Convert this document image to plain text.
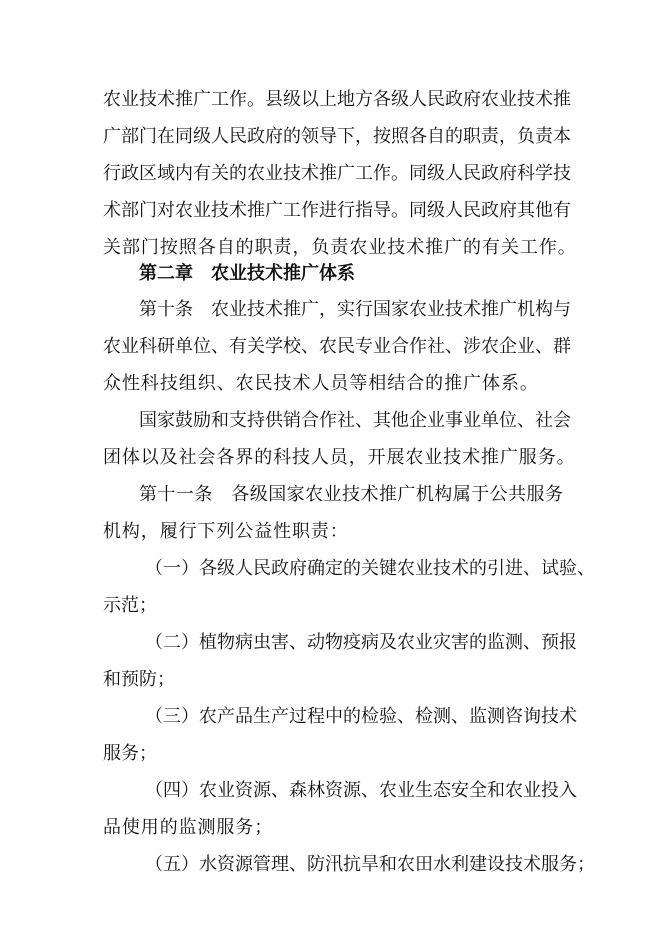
农业技术推广工作。县级以上地方各级人民政府农业技术推
广部门在同级人民政府的领导下，按照各自的职责，负责本
行政区域内有关的农业技术推广工作。同级人民政府科学技
术部门对农业技术推广工作进行指导。同级人民政府其他有
关部门按照各自的职责，负责农业技术推广的有关工作。
第二章 农业技术推广体系
第十条 农业技术推广，实行国家农业技术推广机构与
农业科研单位、有关学校、农民专业合作社、涉农企业、群
众性科技组织、农民技术人员等相结合的推广体系。
国家鼓励和支持供销合作社、其他企业事业单位、社会
团体以及社会各界的科技人员，开展农业技术推广服务。
第十一条 各级国家农业技术推广机构属于公共服务
机构，履行下列公益性职责：
（一）各级人民政府确定的关键农业技术的引进、试验、
示范；
（二）植物病虫害、动物疫病及农业灾害的监测、预报
和预防；
（三）农产品生产过程中的检验、检测、监测咨询技术
服务；
（四）农业资源、森林资源、农业生态安全和农业投入
品使用的监测服务；
（五）水资源管理、防汛抗旱和农田水利建设技术服务；
